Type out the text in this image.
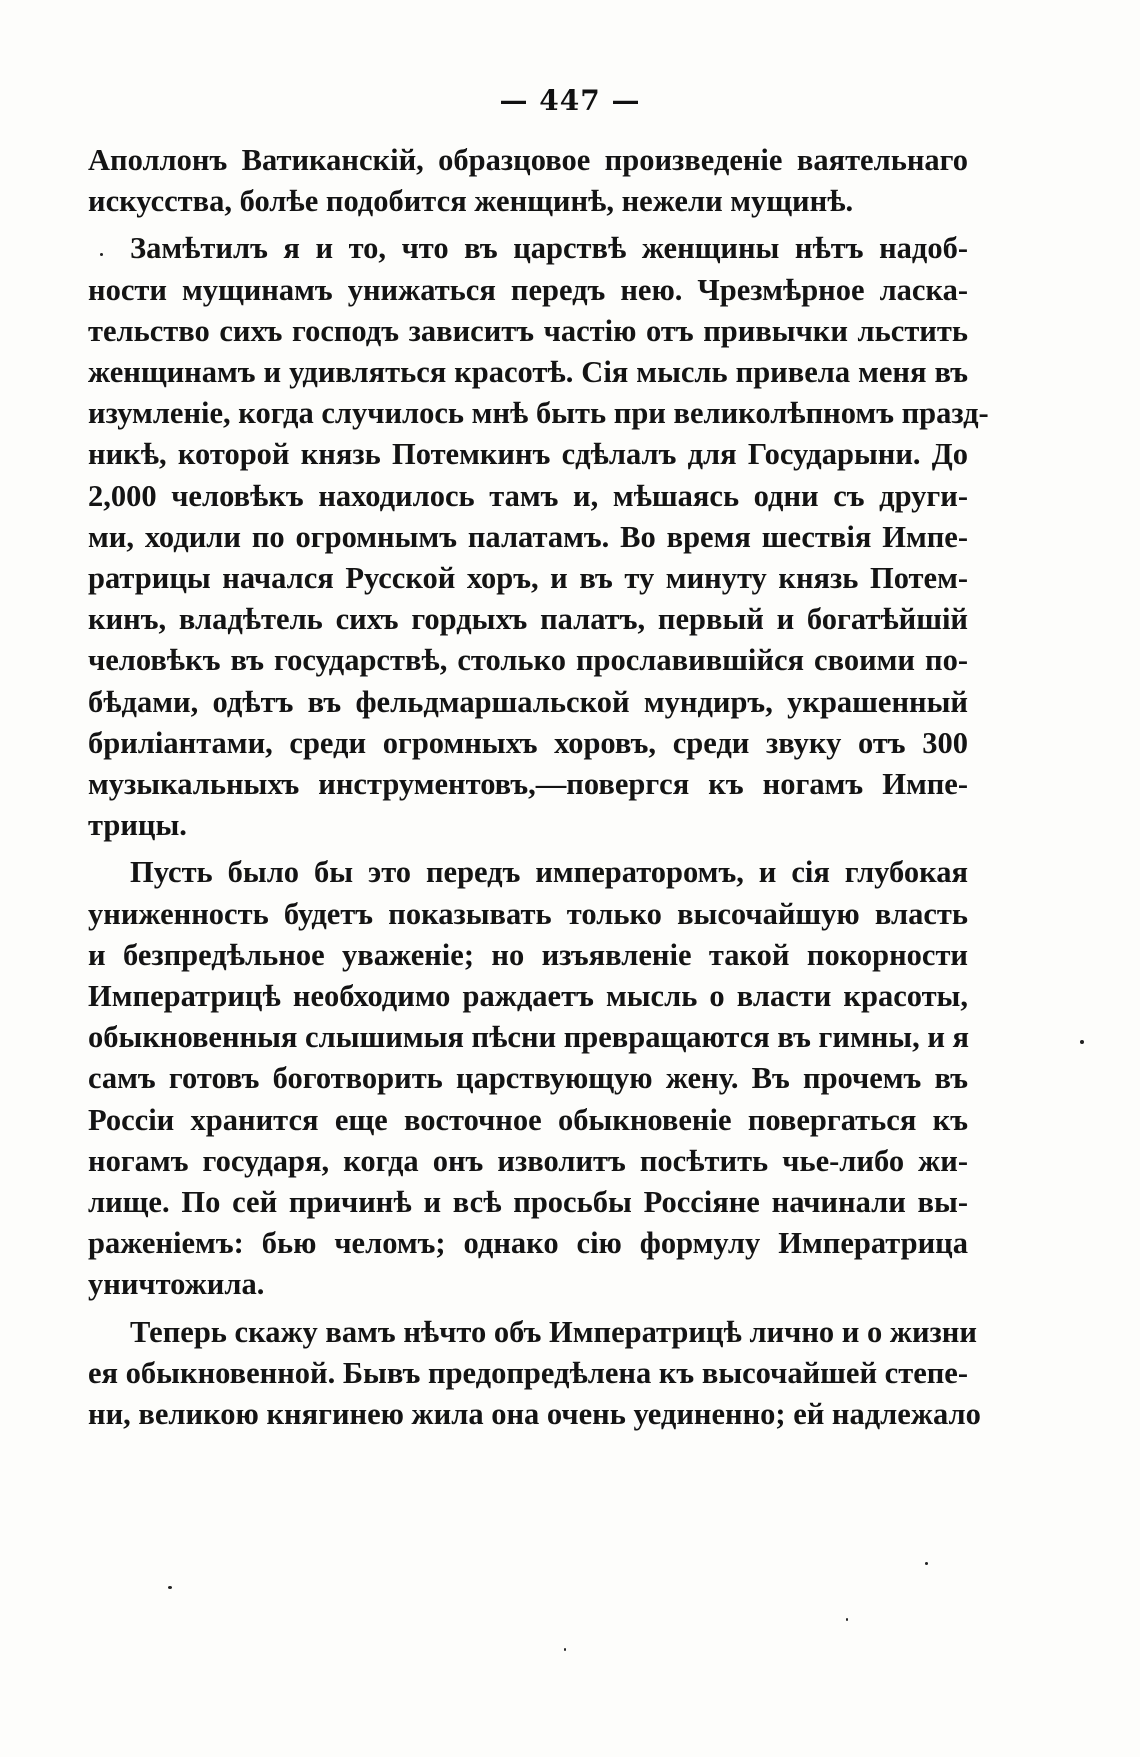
— 447 —
Аполлонъ Ватиканскій, образцовое произведеніе ваятельнаго
искусства, болѣе подобится женщинѣ, нежели мущинѣ.
Замѣтилъ я и то, что въ царствѣ женщины нѣтъ надоб-
ности мущинамъ унижаться передъ нею. Чрезмѣрное ласка-
тельство сихъ господъ зависитъ частію отъ привычки льстить
женщинамъ и удивляться красотѣ. Сія мысль привела меня въ
изумленіе, когда случилось мнѣ быть при великолѣпномъ празд-
никѣ, которой князь Потемкинъ сдѣлалъ для Государыни. До
2,000 человѣкъ находилось тамъ и, мѣшаясь одни съ други-
ми, ходили по огромнымъ палатамъ. Во время шествія Импе-
ратрицы начался Русской хоръ, и въ ту минуту князь Потем-
кинъ, владѣтель сихъ гордыхъ палатъ, первый и богатѣйшій
человѣкъ въ государствѣ, столько прославившійся своими по-
бѣдами, одѣтъ въ фельдмаршальской мундиръ, украшенный
бриліантами, среди огромныхъ хоровъ, среди звуку отъ 300
музыкальныхъ инструментовъ,—повергся къ ногамъ Импе-
трицы.
Пусть было бы это передъ императоромъ, и сія глубокая
униженность будетъ показывать только высочайшую власть
и безпредѣльное уваженіе; но изъявленіе такой покорности
Императрицѣ необходимо раждаетъ мысль о власти красоты,
обыкновенныя слышимыя пѣсни превращаются въ гимны, и я
самъ готовъ боготворить царствующую жену. Въ прочемъ въ
Россіи хранится еще восточное обыкновеніе повергаться къ
ногамъ государя, когда онъ изволитъ посѣтить чье-либо жи-
лище. По сей причинѣ и всѣ просьбы Россіяне начинали вы-
раженіемъ: бью челомъ; однако сію формулу Императрица
уничтожила.
Теперь скажу вамъ нѣчто объ Императрицѣ лично и о жизни
ея обыкновенной. Бывъ предопредѣлена къ высочайшей степе-
ни, великою княгинею жила она очень уединенно; ей надлежало
